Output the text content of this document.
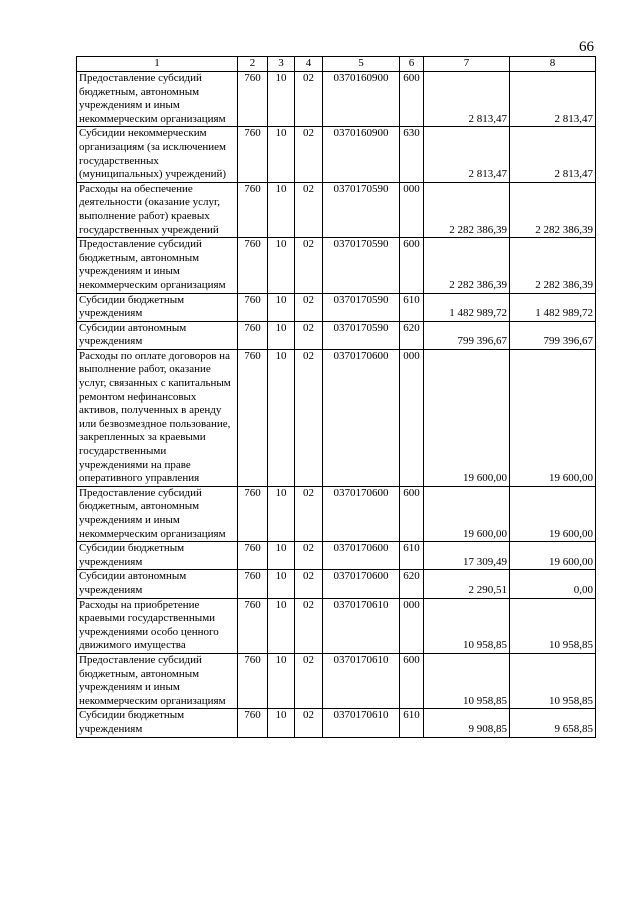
66
1	2	3	4	5	6	7	8
Предоставление субсидий бюджетным, автономным учреждениям и иным некоммерческим организациям	760	10	02	0370160900	600	2 813,47	2 813,47
Субсидии некоммерческим организациям (за исключением государственных (муниципальных) учреждений)	760	10	02	0370160900	630	2 813,47	2 813,47
Расходы на обеспечение деятельности (оказание услуг, выполнение работ) краевых государственных учреждений	760	10	02	0370170590	000	2 282 386,39	2 282 386,39
Предоставление субсидий бюджетным, автономным учреждениям и иным некоммерческим организациям	760	10	02	0370170590	600	2 282 386,39	2 282 386,39
Субсидии бюджетным учреждениям	760	10	02	0370170590	610	1 482 989,72	1 482 989,72
Субсидии автономным учреждениям	760	10	02	0370170590	620	799 396,67	799 396,67
Расходы по оплате договоров на выполнение работ, оказание услуг, связанных с капитальным ремонтом нефинансовых активов, полученных в аренду или безвозмездное пользование, закрепленных за краевыми государственными учреждениями на праве оперативного управления	760	10	02	0370170600	000	19 600,00	19 600,00
Предоставление субсидий бюджетным, автономным учреждениям и иным некоммерческим организациям	760	10	02	0370170600	600	19 600,00	19 600,00
Субсидии бюджетным учреждениям	760	10	02	0370170600	610	17 309,49	19 600,00
Субсидии автономным учреждениям	760	10	02	0370170600	620	2 290,51	0,00
Расходы на приобретение краевыми государственными учреждениями особо ценного движимого имущества	760	10	02	0370170610	000	10 958,85	10 958,85
Предоставление субсидий бюджетным, автономным учреждениям и иным некоммерческим организациям	760	10	02	0370170610	600	10 958,85	10 958,85
Субсидии бюджетным учреждениям	760	10	02	0370170610	610	9 908,85	9 658,85
